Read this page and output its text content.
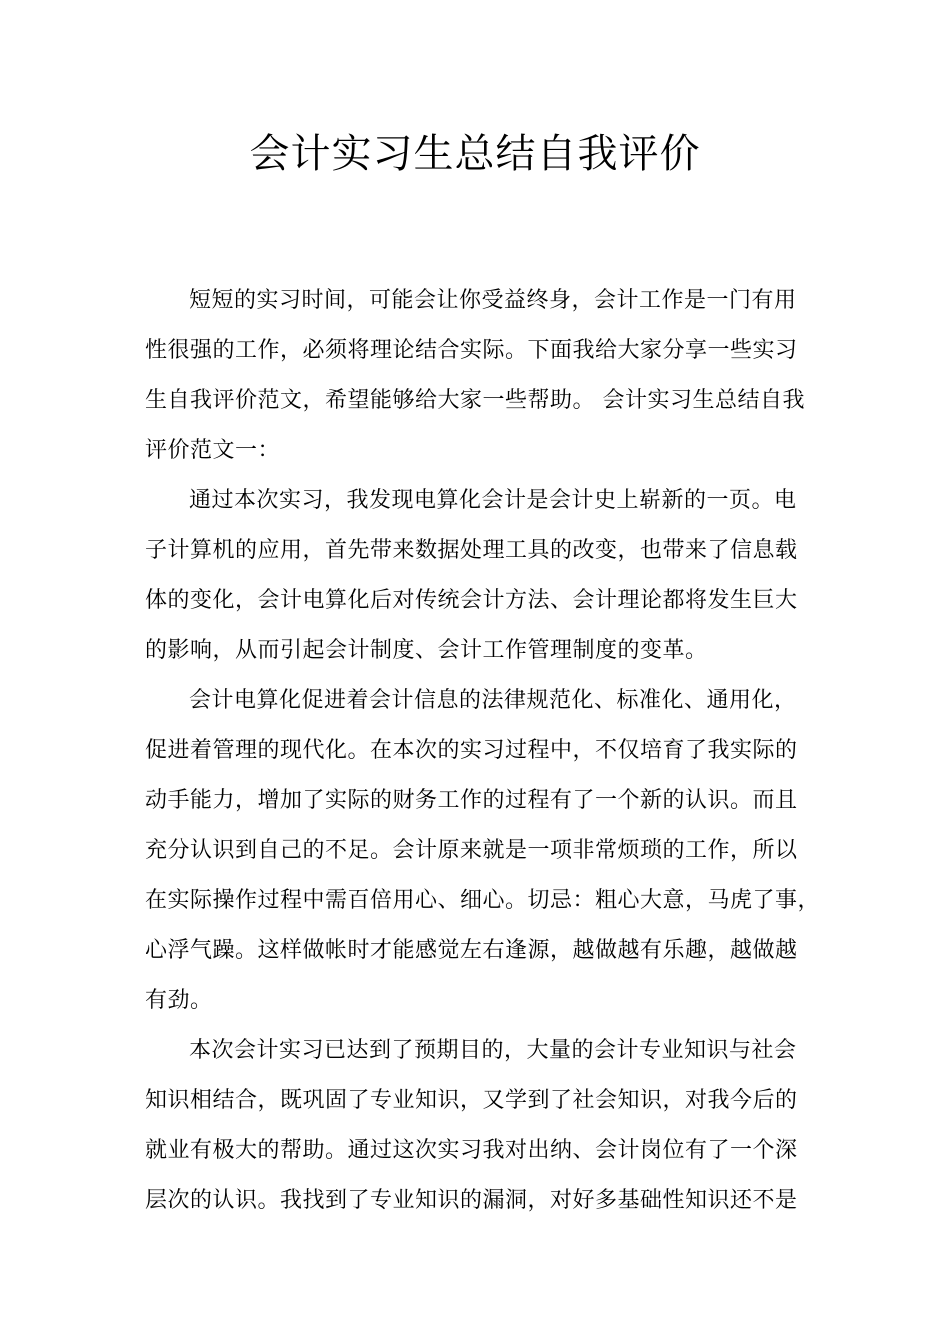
会计实习生总结自我评价

短短的实习时间，可能会让你受益终身，会计工作是一门有用
性很强的工作，必须将理论结合实际。下面我给大家分享一些实习
生自我评价范文，希望能够给大家一些帮助。 会计实习生总结自我
评价范文一：

通过本次实习，我发现电算化会计是会计史上崭新的一页。电
子计算机的应用，首先带来数据处理工具的改变，也带来了信息载
体的变化，会计电算化后对传统会计方法、会计理论都将发生巨大
的影响，从而引起会计制度、会计工作管理制度的变革。

会计电算化促进着会计信息的法律规范化、标准化、通用化，
促进着管理的现代化。在本次的实习过程中，不仅培育了我实际的
动手能力，增加了实际的财务工作的过程有了一个新的认识。而且
充分认识到自己的不足。会计原来就是一项非常烦琐的工作，所以
在实际操作过程中需百倍用心、细心。切忌：粗心大意，马虎了事，
心浮气躁。这样做帐时才能感觉左右逢源，越做越有乐趣，越做越
有劲。

本次会计实习已达到了预期目的，大量的会计专业知识与社会
知识相结合，既巩固了专业知识，又学到了社会知识，对我今后的
就业有极大的帮助。通过这次实习我对出纳、会计岗位有了一个深
层次的认识。我找到了专业知识的漏洞，对好多基础性知识还不是
